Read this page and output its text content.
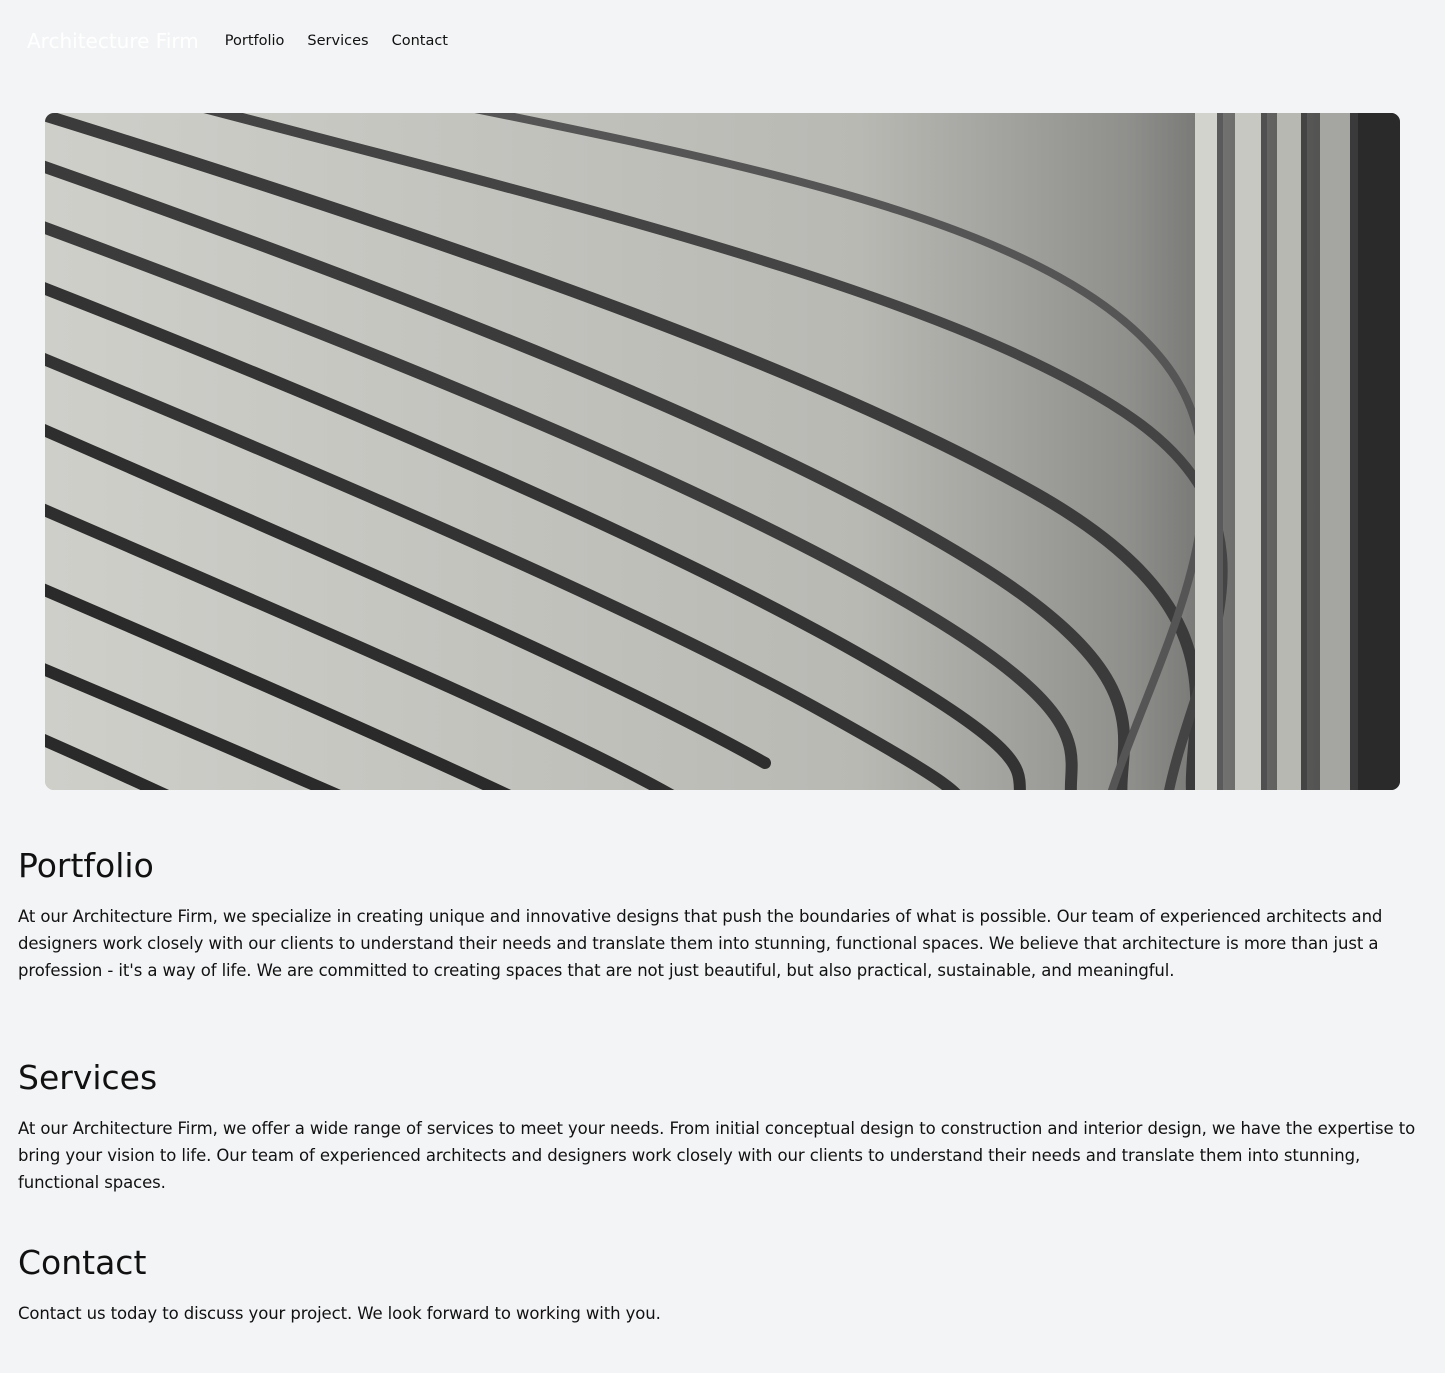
Architecture Firm Portfolio Services Contact
Portfolio

At our Architecture Firm, we specialize in creating unique and innovative designs that push the boundaries of what is possible. Our team of experienced architects and designers work closely with our clients to understand their needs and translate them into stunning, functional spaces. We believe that architecture is more than just a profession - it's a way of life. We are committed to creating spaces that are not just beautiful, but also practical, sustainable, and meaningful.

Services

At our Architecture Firm, we offer a wide range of services to meet your needs. From initial conceptual design to construction and interior design, we have the expertise to bring your vision to life. Our team of experienced architects and designers work closely with our clients to understand their needs and translate them into stunning, functional spaces.

Contact

Contact us today to discuss your project. We look forward to working with you.
